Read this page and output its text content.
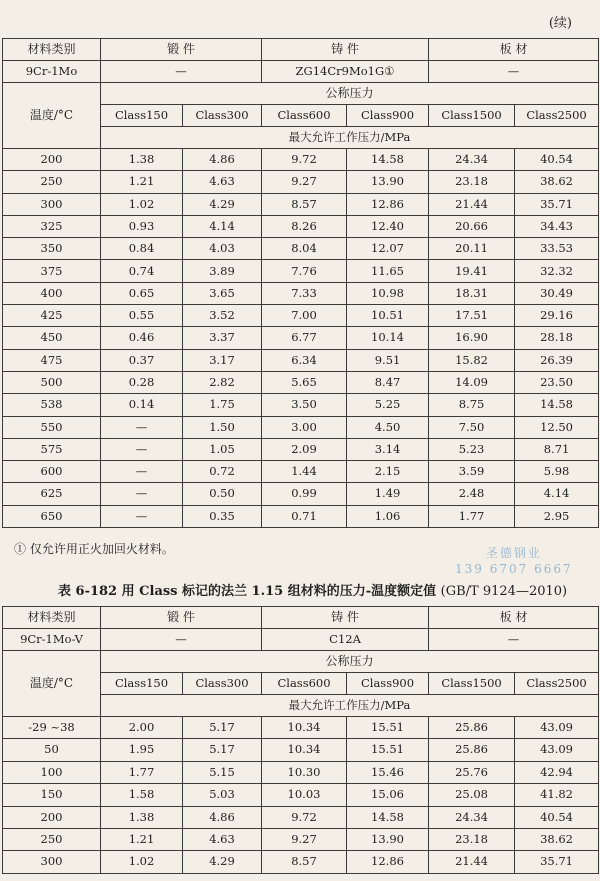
(续)
材料类别	锻 件		铸 件		板 材	
9Cr-1Mo	—		ZG14Cr9Mo1G①		—	
温度/°C	公称压力					
	Class150	Class300	Class600	Class900	Class1500	Class2500
	最大允许工作压力/MPa					
200	1.38	4.86	9.72	14.58	24.34	40.54
250	1.21	4.63	9.27	13.90	23.18	38.62
300	1.02	4.29	8.57	12.86	21.44	35.71
325	0.93	4.14	8.26	12.40	20.66	34.43
350	0.84	4.03	8.04	12.07	20.11	33.53
375	0.74	3.89	7.76	11.65	19.41	32.32
400	0.65	3.65	7.33	10.98	18.31	30.49
425	0.55	3.52	7.00	10.51	17.51	29.16
450	0.46	3.37	6.77	10.14	16.90	28.18
475	0.37	3.17	6.34	9.51	15.82	26.39
500	0.28	2.82	5.65	8.47	14.09	23.50
538	0.14	1.75	3.50	5.25	8.75	14.58
550	—	1.50	3.00	4.50	7.50	12.50
575	—	1.05	2.09	3.14	5.23	8.71
600	—	0.72	1.44	2.15	3.59	5.98
625	—	0.50	0.99	1.49	2.48	4.14
650	—	0.35	0.71	1.06	1.77	2.95
① 仅允许用正火加回火材料。	圣德钢业
139 6707 6667
表 6-182 用 Class 标记的法兰 1.15 组材料的压力-温度额定值 (GB/T 9124—2010)
材料类别	锻 件		铸 件		板 材	
9Cr-1Mo-V	—		C12A		—	
温度/°C	公称压力					
	Class150	Class300	Class600	Class900	Class1500	Class2500
	最大允许工作压力/MPa					
-29 ~38	2.00	5.17	10.34	15.51	25.86	43.09
50	1.95	5.17	10.34	15.51	25.86	43.09
100	1.77	5.15	10.30	15.46	25.76	42.94
150	1.58	5.03	10.03	15.06	25.08	41.82
200	1.38	4.86	9.72	14.58	24.34	40.54
250	1.21	4.63	9.27	13.90	23.18	38.62
300	1.02	4.29	8.57	12.86	21.44	35.71
